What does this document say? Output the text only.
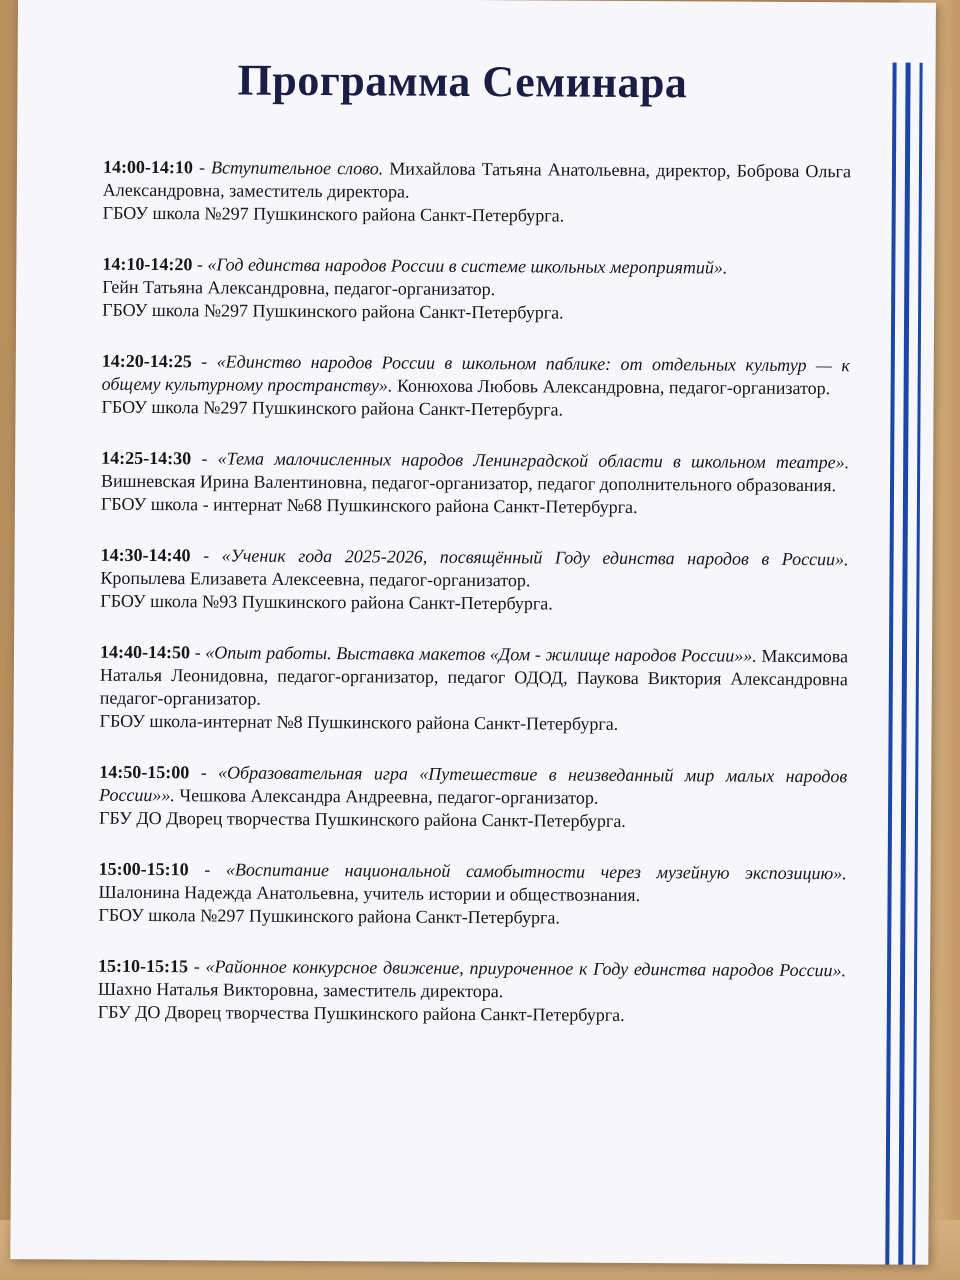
Программа Семинара
14:00-14:10 - Вступительное слово. Михайлова Татьяна Анатольевна, директор, Боброва Ольга Александровна, заместитель директора.
ГБОУ школа №297 Пушкинского района Санкт-Петербурга.
14:10-14:20 - «Год единства народов России в системе школьных мероприятий».
Гейн Татьяна Александровна, педагог-организатор.
ГБОУ школа №297 Пушкинского района Санкт-Петербурга.
14:20-14:25 - «Единство народов России в школьном паблике: от отдельных культур — к общему культурному пространству». Конюхова Любовь Александровна, педагог-организатор.
ГБОУ школа №297 Пушкинского района Санкт-Петербурга.
14:25-14:30 - «Тема малочисленных народов Ленинградской области в школьном театре». Вишневская Ирина Валентиновна, педагог-организатор, педагог дополнительного образования.
ГБОУ школа - интернат №68 Пушкинского района Санкт-Петербурга.
14:30-14:40 - «Ученик года 2025-2026, посвящённый Году единства народов в России». Кропылева Елизавета Алексеевна, педагог-организатор.
ГБОУ школа №93 Пушкинского района Санкт-Петербурга.
14:40-14:50 - «Опыт работы. Выставка макетов «Дом - жилище народов России»». Максимова Наталья Леонидовна, педагог-организатор, педагог ОДОД, Паукова Виктория Александровна педагог-организатор.
ГБОУ школа-интернат №8 Пушкинского района Санкт-Петербурга.
14:50-15:00 - «Образовательная игра «Путешествие в неизведанный мир малых народов России»». Чешкова Александра Андреевна, педагог-организатор.
ГБУ ДО Дворец творчества Пушкинского района Санкт-Петербурга.
15:00-15:10 - «Воспитание национальной самобытности через музейную экспозицию». Шалонина Надежда Анатольевна, учитель истории и обществознания.
ГБОУ школа №297 Пушкинского района Санкт-Петербурга.
15:10-15:15 - «Районное конкурсное движение, приуроченное к Году единства народов России». Шахно Наталья Викторовна, заместитель директора.
ГБУ ДО Дворец творчества Пушкинского района Санкт-Петербурга.
